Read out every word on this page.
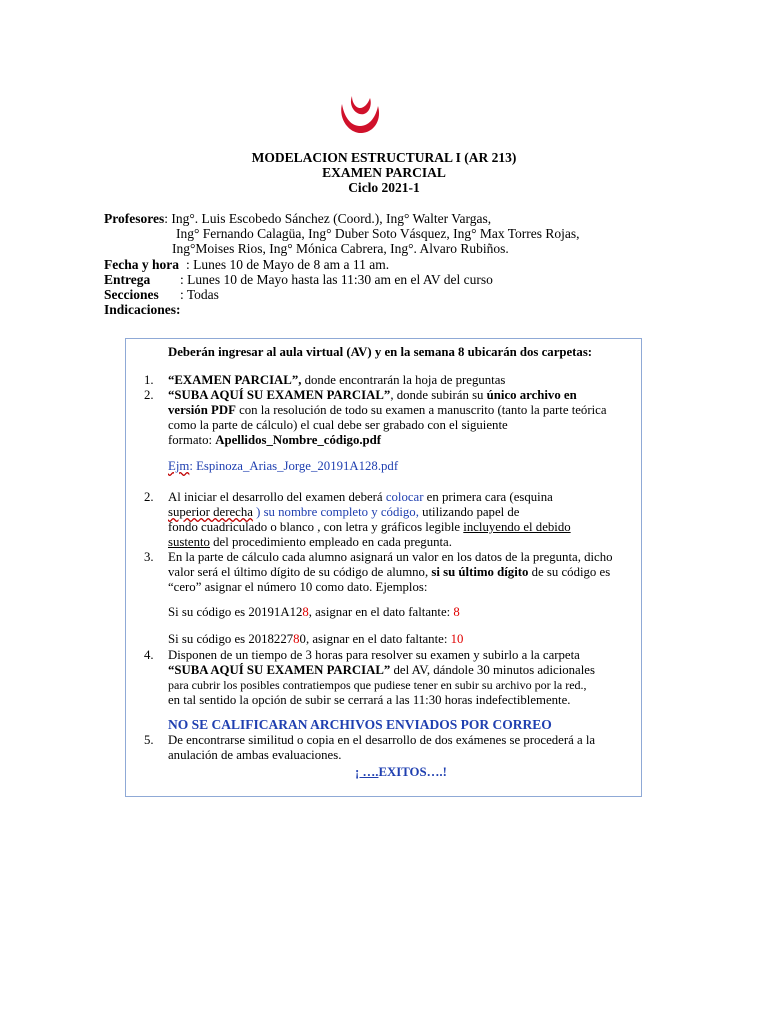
MODELACION ESTRUCTURAL I (AR 213)
EXAMEN PARCIAL
Ciclo 2021-1
Profesores: Ing°. Luis Escobedo Sánchez (Coord.), Ing° Walter Vargas,
Ing° Fernando Calagüa, Ing° Duber Soto Vásquez, Ing° Max Torres Rojas,
Ing°Moises Rios, Ing° Mónica Cabrera, Ing°. Alvaro Rubiños.
Fecha y hora : Lunes 10 de Mayo de 8 am a 11 am.
Entrega : Lunes 10 de Mayo hasta las 11:30 am en el AV del curso
Secciones : Todas
Indicaciones:
Deberán ingresar al aula virtual (AV) y en la semana 8 ubicarán dos carpetas:
1. “EXAMEN PARCIAL”, donde encontrarán la hoja de preguntas
2. “SUBA AQUÍ SU EXAMEN PARCIAL”, donde subirán su único archivo en
versión PDF con la resolución de todo su examen a manuscrito (tanto la parte teórica
como la parte de cálculo) el cual debe ser grabado con el siguiente
formato: Apellidos_Nombre_código.pdf
Ejm: Espinoza_Arias_Jorge_20191A128.pdf
2. Al iniciar el desarrollo del examen deberá colocar en primera cara (esquina
superior derecha ) su nombre completo y código, utilizando papel de
fondo cuadriculado o blanco , con letra y gráficos legible incluyendo el debido
sustento del procedimiento empleado en cada pregunta.
3. En la parte de cálculo cada alumno asignará un valor en los datos de la pregunta, dicho
valor será el último dígito de su código de alumno, si su último dígito de su código es
“cero” asignar el número 10 como dato. Ejemplos:
Si su código es 20191A128, asignar en el dato faltante: 8
Si su código es 201822780, asignar en el dato faltante: 10
4. Disponen de un tiempo de 3 horas para resolver su examen y subirlo a la carpeta
“SUBA AQUÍ SU EXAMEN PARCIAL” del AV, dándole 30 minutos adicionales
para cubrir los posibles contratiempos que pudiese tener en subir su archivo por la red.,
en tal sentido la opción de subir se cerrará a las 11:30 horas indefectiblemente.
NO SE CALIFICARAN ARCHIVOS ENVIADOS POR CORREO
5. De encontrarse similitud o copia en el desarrollo de dos exámenes se procederá a la
anulación de ambas evaluaciones.
¡ ….EXITOS….!
